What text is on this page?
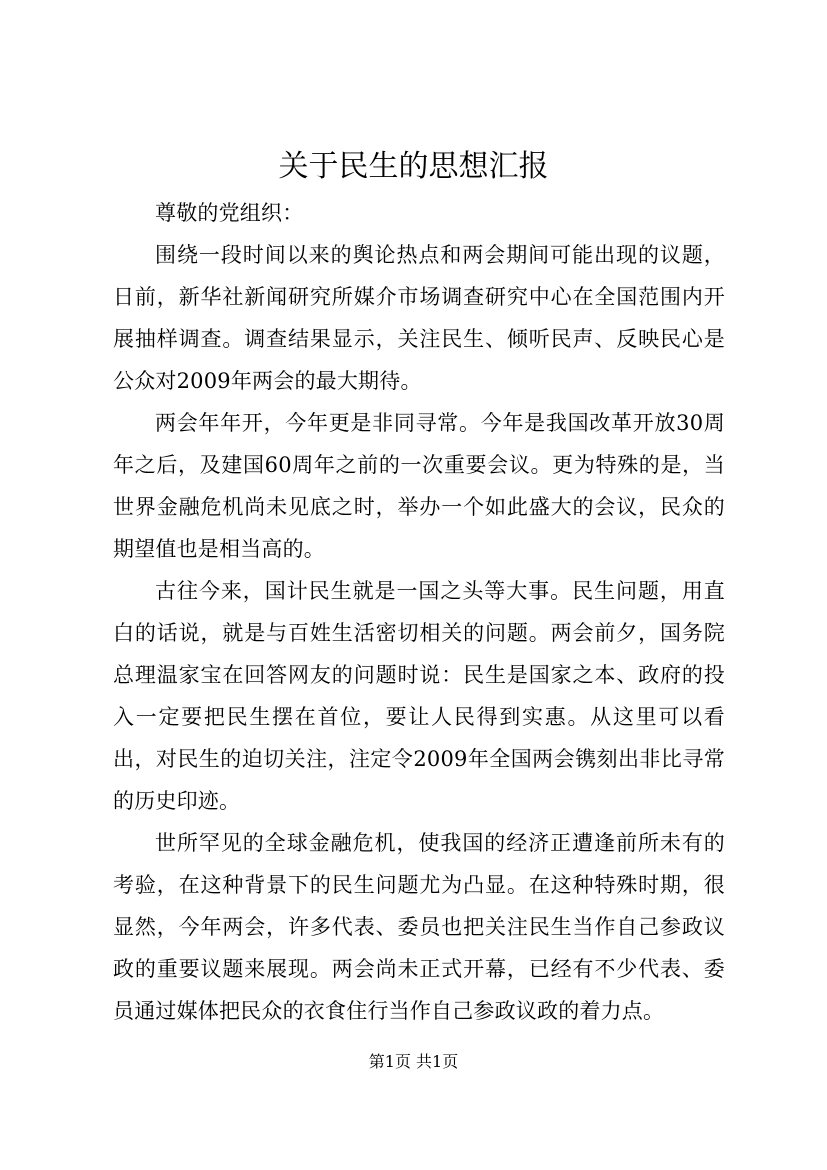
关于民生的思想汇报

尊敬的党组织：

围绕一段时间以来的舆论热点和两会期间可能出现的议题，日前，新华社新闻研究所媒介市场调查研究中心在全国范围内开展抽样调查。调查结果显示，关注民生、倾听民声、反映民心是公众对2009年两会的最大期待。

两会年年开，今年更是非同寻常。今年是我国改革开放30周年之后，及建国60周年之前的一次重要会议。更为特殊的是，当世界金融危机尚未见底之时，举办一个如此盛大的会议，民众的期望值也是相当高的。

古往今来，国计民生就是一国之头等大事。民生问题，用直白的话说，就是与百姓生活密切相关的问题。两会前夕，国务院总理温家宝在回答网友的问题时说：民生是国家之本、政府的投入一定要把民生摆在首位，要让人民得到实惠。从这里可以看出，对民生的迫切关注，注定令2009年全国两会镌刻出非比寻常的历史印迹。

世所罕见的全球金融危机，使我国的经济正遭逢前所未有的考验，在这种背景下的民生问题尤为凸显。在这种特殊时期，很显然，今年两会，许多代表、委员也把关注民生当作自己参政议政的重要议题来展现。两会尚未正式开幕，已经有不少代表、委员通过媒体把民众的衣食住行当作自己参政议政的着力点。

第1页 共1页
